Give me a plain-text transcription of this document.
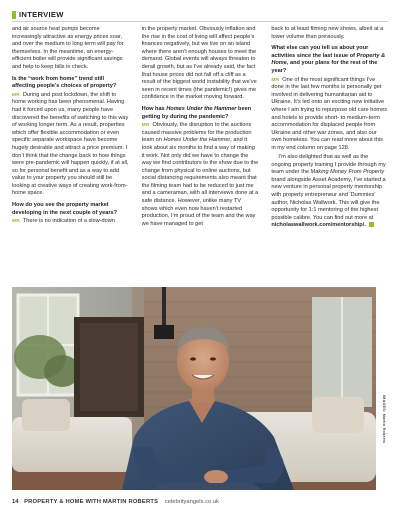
INTERVIEW

and air source heat pumps become increasingly attractive as energy prices soar, and over the medium to long term will pay for themselves. In the meantime, an energy-efficient boiler will provide significant savings and help to keep bills in check.

Is the “work from home” trend still affecting people’s choices of property?

MR During and post lockdown, the shift to home working has been phenomenal. Having had it forced upon us, many people have discovered the benefits of switching to this way of working longer term. As a result, properties which offer flexible accommodation or even specific separate workspace have become hugely desirable and attract a price premium. I don’t think that the change back to how things were pre-pandemic will happen quickly, if at all, so for personal benefit and as a way to add value to your property you should still be looking at creative ways of creating work-from-home space.

How do you see the property market developing in the next couple of years?

MR There is no indication of a slow-down

in the property market. Obviously inflation and the rise in the cost of living will affect people’s finances negatively, but we live on an island where there aren’t enough houses to meet the demand. Global events will always threaten to derail growth, but as I’ve already said, the fact that house prices did not fall off a cliff as a result of the biggest world instability that we’ve seen in recent times (the pandemic!) gives me confidence in the market moving forward.

How has Homes Under the Hammer been getting by during the pandemic?

MR Obviously, the disruption to the auctions caused massive problems for the production team on Homes Under the Hammer, and it took about six months to find a way of making it work. Not only did we have to change the way we find contributors to the show due to the change from physical to online auctions, but social distancing requirements also meant that the filming team had to be reduced to just me and a cameraman, with all interviews done at a safe distance. However, unlike many TV shows which even now haven’t restarted production, I’m proud of the team and the way we have managed to get

back to at least filming new shows, albeit at a lower volume than previously.

What else can you tell us about your activities since the last issue of Property & Home, and your plans for the rest of the year?

MR One of the most significant things I’ve done in the last few months is personally get involved in delivering humanitarian aid to Ukraine. It’s led onto an exciting new initiative where I am trying to repurpose old care homes and hotels to provide short- to medium-term accommodation for displaced people from Ukraine and other war zones, and also our own homeless. You can read more about this in my end column on page 128.

I’m also delighted that as well as the ongoing property training I provide through my team under the Making Money From Property brand alongside Asset Academy, I’ve started a new venture in personal property mentorship with property entrepreneur and ‘Dummies’ author, Nicholas Wallwork. This will give the opportunity for 1:1 mentoring of the highest possible calibre. You can find out more at nicholaswallwork.com/mentorship/.

IMAGES: Martin Roberts
14 PROPERTY & HOME WITH MARTIN ROBERTS celebrityangels.co.uk
